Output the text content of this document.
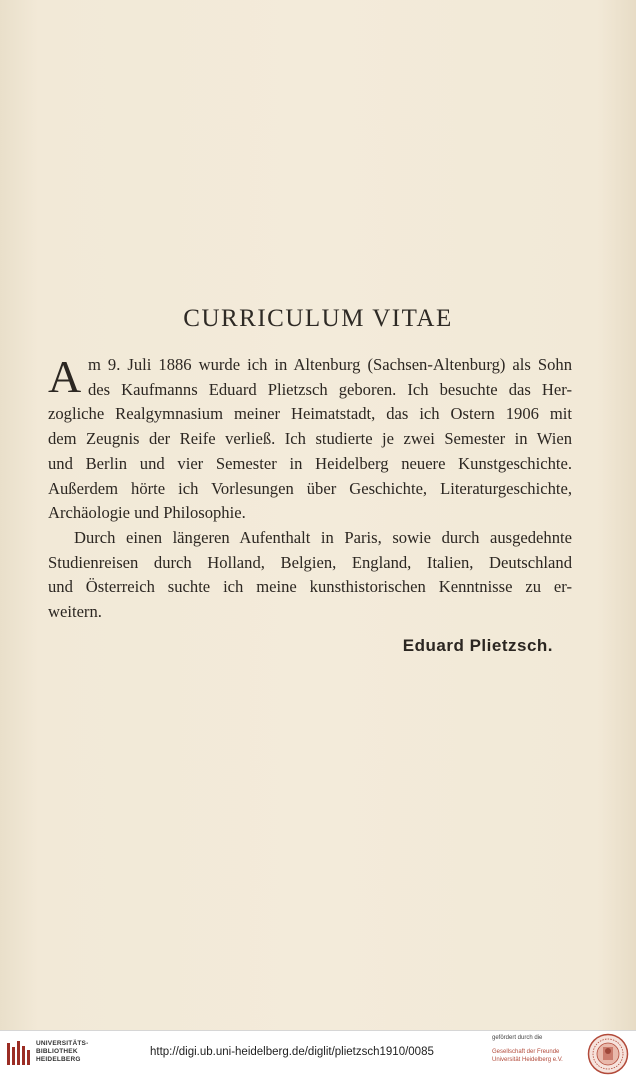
CURRICULUM VITAE
A m 9. Juli 1886 wurde ich in Altenburg (Sachsen-Altenburg) als Sohn
des Kaufmanns Eduard Plietzsch geboren. Ich besuchte das Her-
zogliche Realgymnasium meiner Heimatstadt, das ich Ostern 1906 mit
dem Zeugnis der Reife verließ. Ich studierte je zwei Semester in Wien
und Berlin und vier Semester in Heidelberg neuere Kunstgeschichte.
Außerdem hörte ich Vorlesungen über Geschichte, Literaturgeschichte,
Archäologie und Philosophie.
Durch einen längeren Aufenthalt in Paris, sowie durch ausgedehnte
Studienreisen durch Holland, Belgien, England, Italien, Deutschland
und Österreich suchte ich meine kunsthistorischen Kenntnisse zu er-
weitern.
Eduard Plietzsch.
UNIVERSITÄTS-
BIBLIOTHEK
HEIDELBERG
http://digi.ub.uni-heidelberg.de/diglit/plietzsch1910/0085
gefördert durch die
Gesellschaft der Freunde
Universität Heidelberg e.V.
